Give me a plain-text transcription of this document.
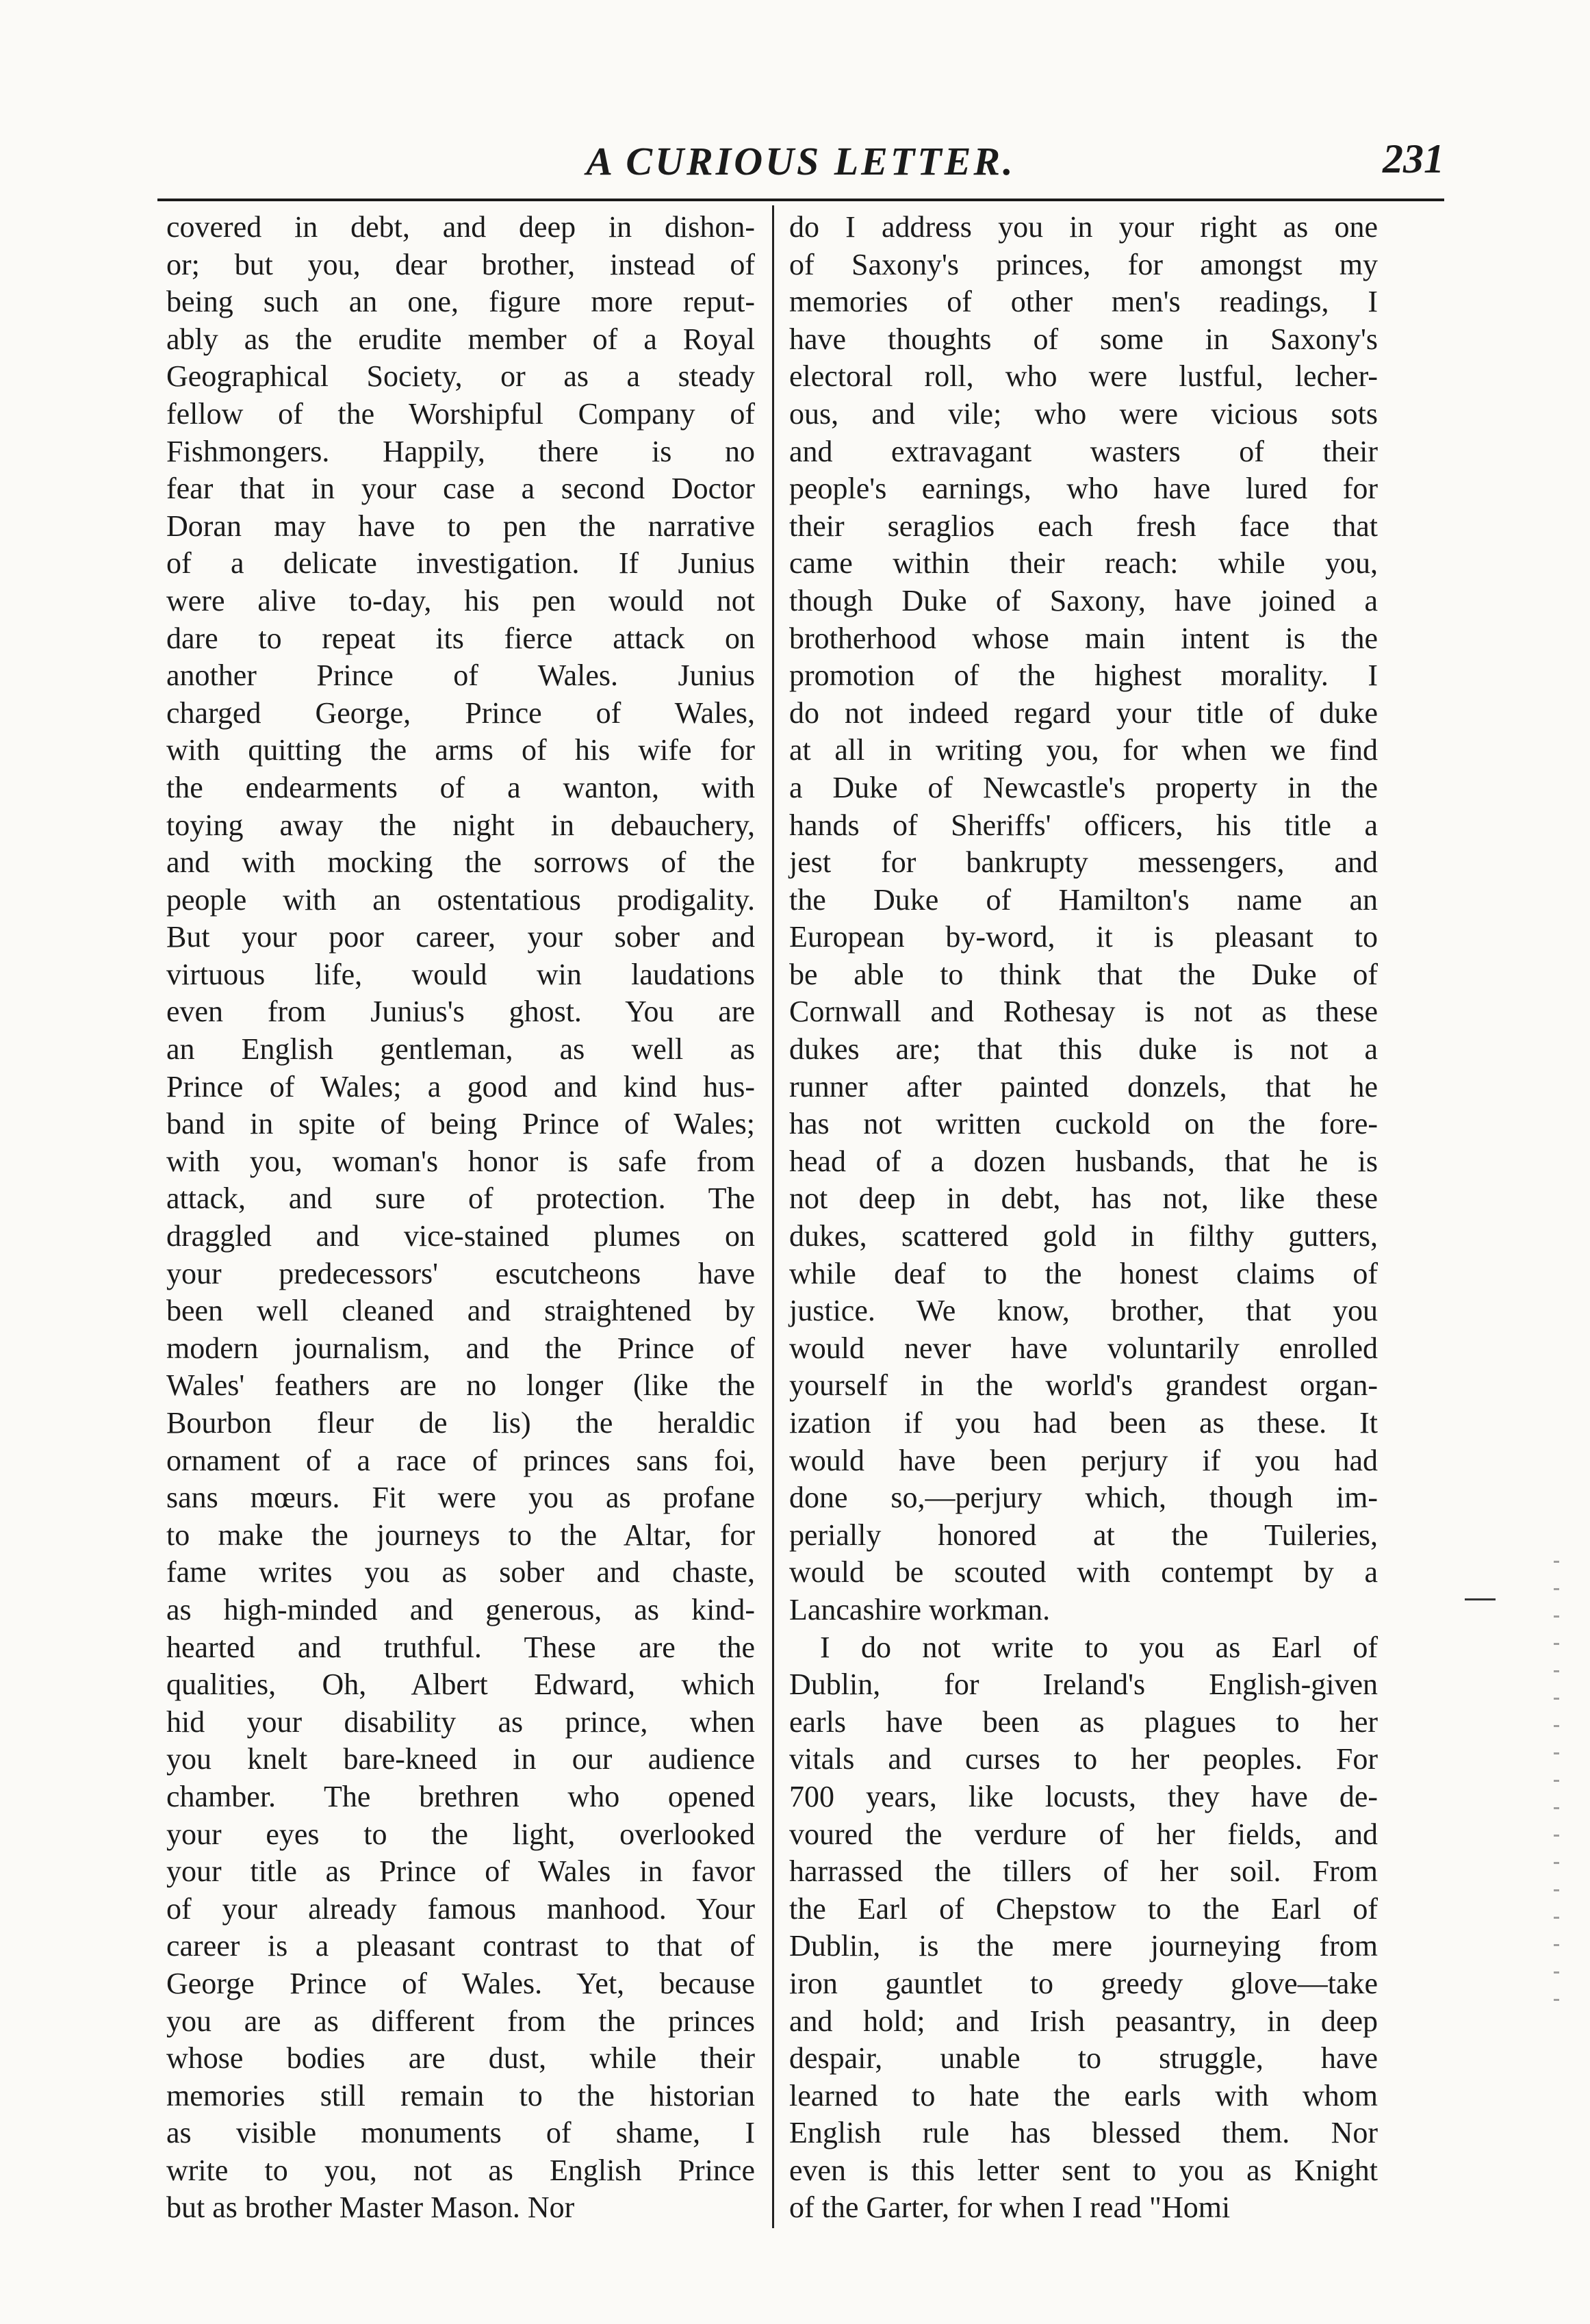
A CURIOUS LETTER.	231
covered in debt, and deep in dishon-
or; but you, dear brother, instead of
being such an one, figure more reput-
ably as the erudite member of a Royal
Geographical Society, or as a steady
fellow of the Worshipful Company of
Fishmongers. Happily, there is no
fear that in your case a second Doctor
Doran may have to pen the narrative
of a delicate investigation. If Junius
were alive to-day, his pen would not
dare to repeat its fierce attack on
another Prince of Wales. Junius
charged George, Prince of Wales,
with quitting the arms of his wife for
the endearments of a wanton, with
toying away the night in debauchery,
and with mocking the sorrows of the
people with an ostentatious prodigality.
But your poor career, your sober and
virtuous life, would win laudations
even from Junius's ghost. You are
an English gentleman, as well as
Prince of Wales; a good and kind hus-
band in spite of being Prince of Wales;
with you, woman's honor is safe from
attack, and sure of protection. The
draggled and vice-stained plumes on
your predecessors' escutcheons have
been well cleaned and straightened by
modern journalism, and the Prince of
Wales' feathers are no longer (like the
Bourbon fleur de lis) the heraldic
ornament of a race of princes sans foi,
sans mœurs. Fit were you as profane
to make the journeys to the Altar, for
fame writes you as sober and chaste,
as high-minded and generous, as kind-
hearted and truthful. These are the
qualities, Oh, Albert Edward, which
hid your disability as prince, when
you knelt bare-kneed in our audience
chamber. The brethren who opened
your eyes to the light, overlooked
your title as Prince of Wales in favor
of your already famous manhood. Your
career is a pleasant contrast to that of
George Prince of Wales. Yet, because
you are as different from the princes
whose bodies are dust, while their
memories still remain to the historian
as visible monuments of shame, I
write to you, not as English Prince
but as brother Master Mason. Nor
do I address you in your right as one
of Saxony's princes, for amongst my
memories of other men's readings, I
have thoughts of some in Saxony's
electoral roll, who were lustful, lecher-
ous, and vile; who were vicious sots
and extravagant wasters of their
people's earnings, who have lured for
their seraglios each fresh face that
came within their reach: while you,
though Duke of Saxony, have joined a
brotherhood whose main intent is the
promotion of the highest morality. I
do not indeed regard your title of duke
at all in writing you, for when we find
a Duke of Newcastle's property in the
hands of Sheriffs' officers, his title a
jest for bankrupty messengers, and
the Duke of Hamilton's name an
European by-word, it is pleasant to
be able to think that the Duke of
Cornwall and Rothesay is not as these
dukes are; that this duke is not a
runner after painted donzels, that he
has not written cuckold on the fore-
head of a dozen husbands, that he is
not deep in debt, has not, like these
dukes, scattered gold in filthy gutters,
while deaf to the honest claims of
justice. We know, brother, that you
would never have voluntarily enrolled
yourself in the world's grandest organ-
ization if you had been as these. It
would have been perjury if you had
done so,—perjury which, though im-
perially honored at the Tuileries,
would be scouted with contempt by a
Lancashire workman.
I do not write to you as Earl of
Dublin, for Ireland's English-given
earls have been as plagues to her
vitals and curses to her peoples. For
700 years, like locusts, they have de-
voured the verdure of her fields, and
harrassed the tillers of her soil. From
the Earl of Chepstow to the Earl of
Dublin, is the mere journeying from
iron gauntlet to greedy glove—take
and hold; and Irish peasantry, in deep
despair, unable to struggle, have
learned to hate the earls with whom
English rule has blessed them. Nor
even is this letter sent to you as Knight
of the Garter, for when I read "Homi
